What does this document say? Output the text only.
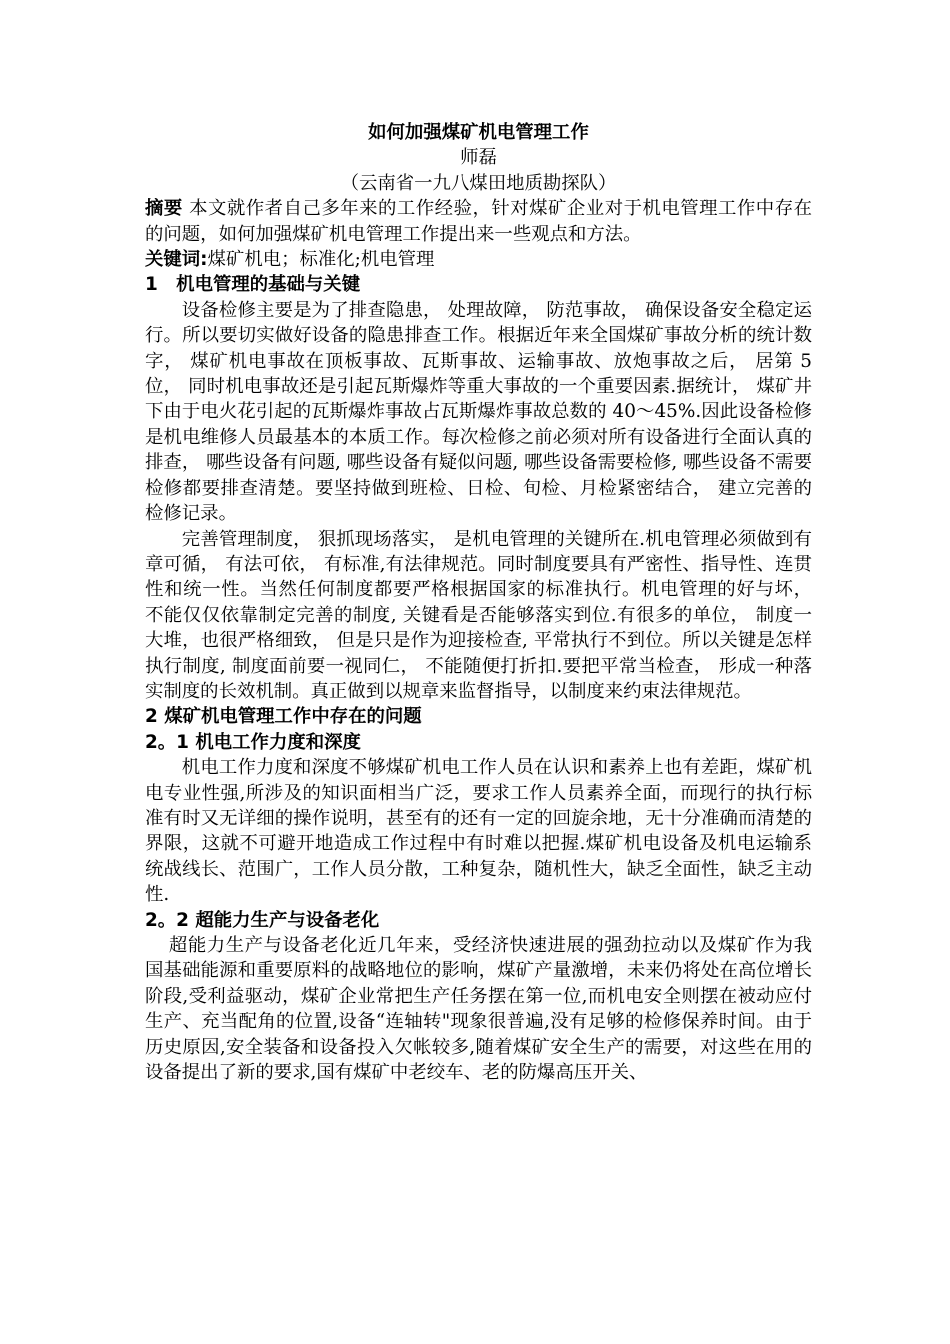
如何加强煤矿机电管理工作

师磊

（云南省一九八煤田地质勘探队）

摘要 本文就作者自己多年来的工作经验，针对煤矿企业对于机电管理工作中存在的问题，如何加强煤矿机电管理工作提出来一些观点和方法。

关键词:煤矿机电；标准化;机电管理

1　机电管理的基础与关键

设备检修主要是为了排查隐患， 处理故障， 防范事故， 确保设备安全稳定运行。所以要切实做好设备的隐患排查工作。根据近年来全国煤矿事故分析的统计数字， 煤矿机电事故在顶板事故、瓦斯事故、运输事故、放炮事故之后， 居第 5 位， 同时机电事故还是引起瓦斯爆炸等重大事故的一个重要因素.据统计， 煤矿井下由于电火花引起的瓦斯爆炸事故占瓦斯爆炸事故总数的 40～45%.因此设备检修是机电维修人员最基本的本质工作。每次检修之前必须对所有设备进行全面认真的排查， 哪些设备有问题, 哪些设备有疑似问题, 哪些设备需要检修, 哪些设备不需要检修都要排查清楚。要坚持做到班检、日检、旬检、月检紧密结合， 建立完善的检修记录。

完善管理制度， 狠抓现场落实， 是机电管理的关键所在.机电管理必须做到有章可循， 有法可依， 有标准,有法律规范。同时制度要具有严密性、指导性、连贯性和统一性。当然任何制度都要严格根据国家的标准执行。机电管理的好与坏， 不能仅仅依靠制定完善的制度, 关键看是否能够落实到位.有很多的单位， 制度一大堆，也很严格细致， 但是只是作为迎接检查, 平常执行不到位。所以关键是怎样执行制度, 制度面前要一视同仁， 不能随便打折扣.要把平常当检查， 形成一种落实制度的长效机制。真正做到以规章来监督指导，以制度来约束法律规范。

2 煤矿机电管理工作中存在的问题

2。1 机电工作力度和深度

机电工作力度和深度不够煤矿机电工作人员在认识和素养上也有差距，煤矿机电专业性强,所涉及的知识面相当广泛，要求工作人员素养全面，而现行的执行标准有时又无详细的操作说明，甚至有的还有一定的回旋余地，无十分准确而清楚的界限，这就不可避开地造成工作过程中有时难以把握.煤矿机电设备及机电运输系统战线长、范围广，工作人员分散，工种复杂，随机性大，缺乏全面性，缺乏主动性.

2。2 超能力生产与设备老化

超能力生产与设备老化近几年来，受经济快速进展的强劲拉动以及煤矿作为我国基础能源和重要原料的战略地位的影响，煤矿产量激增，未来仍将处在高位增长阶段,受利益驱动，煤矿企业常把生产任务摆在第一位,而机电安全则摆在被动应付生产、充当配角的位置,设备“连轴转"现象很普遍,没有足够的检修保养时间。由于历史原因,安全装备和设备投入欠帐较多,随着煤矿安全生产的需要，对这些在用的设备提出了新的要求,国有煤矿中老绞车、老的防爆高压开关、
